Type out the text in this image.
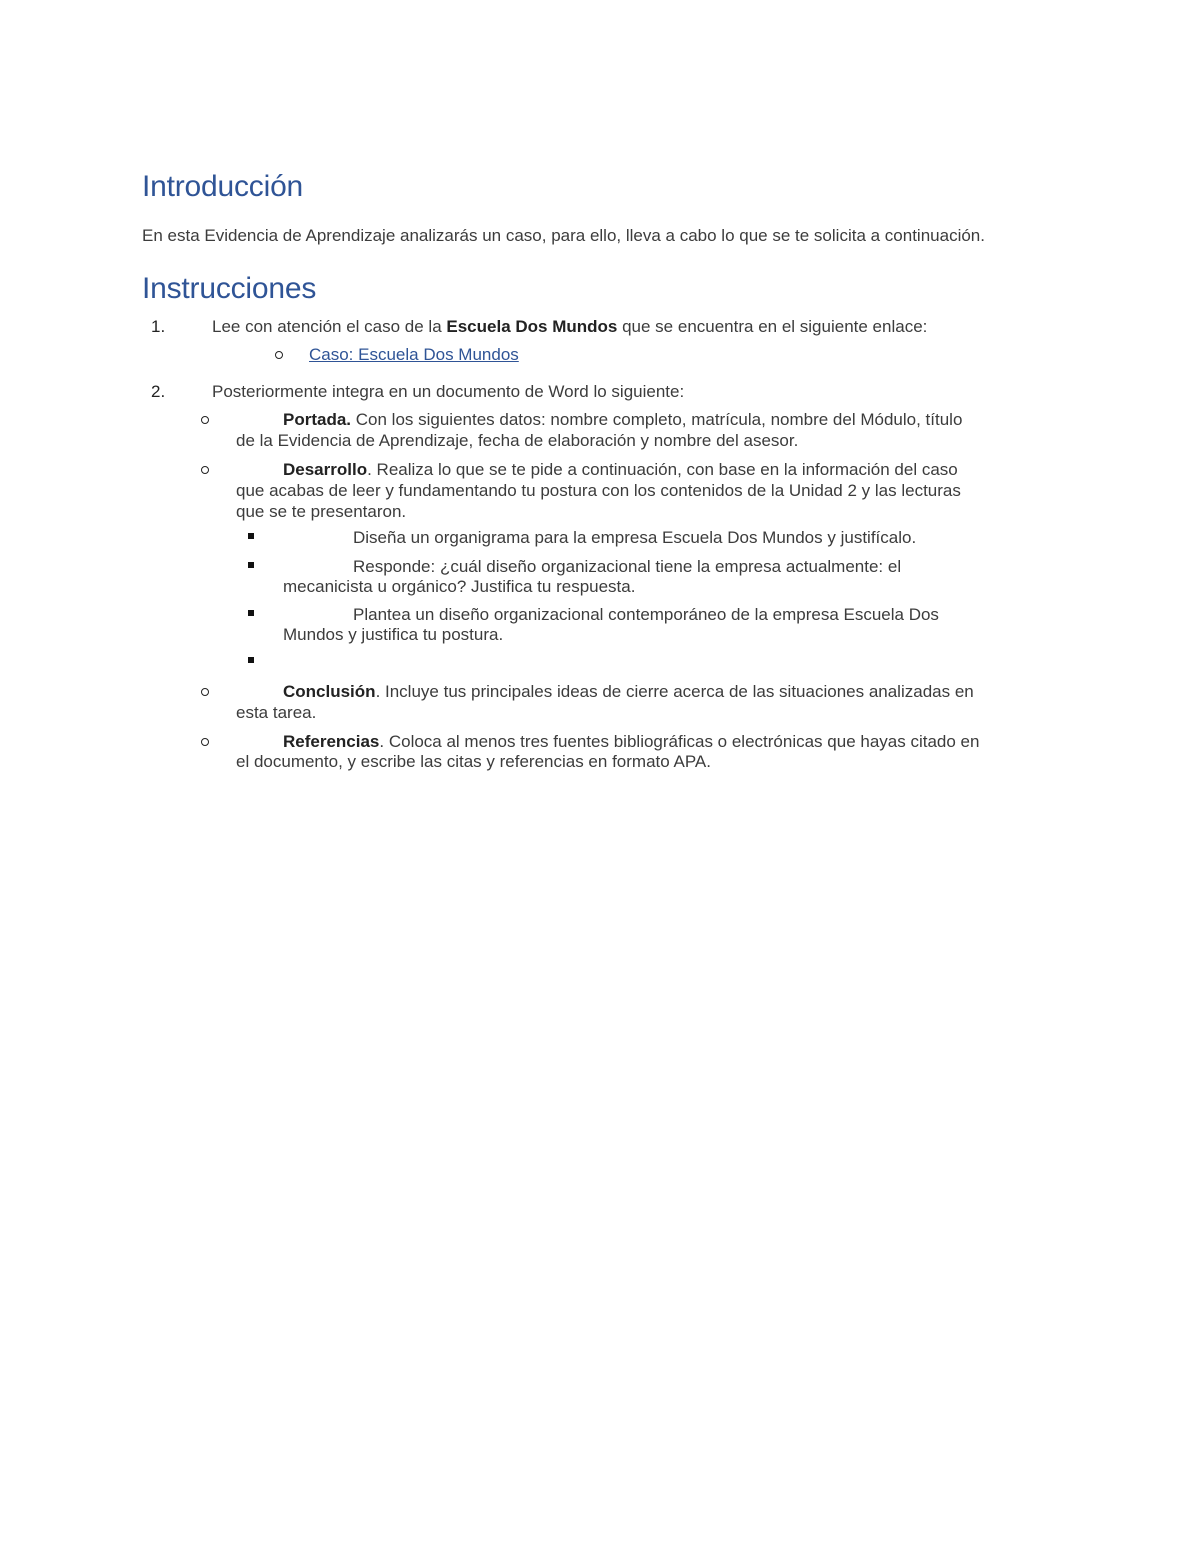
Introducción
En esta Evidencia de Aprendizaje analizarás un caso, para ello, lleva a cabo lo que se te solicita a continuación.
Instrucciones
1.	Lee con atención el caso de la Escuela Dos Mundos que se encuentra en el siguiente enlace:
Caso: Escuela Dos Mundos
2.	Posteriormente integra en un documento de Word lo siguiente:
Portada. Con los siguientes datos: nombre completo, matrícula, nombre del Módulo, título
de la Evidencia de Aprendizaje, fecha de elaboración y nombre del asesor.
Desarrollo. Realiza lo que se te pide a continuación, con base en la información del caso
que acabas de leer y fundamentando tu postura con los contenidos de la Unidad 2 y las lecturas
que se te presentaron.
Diseña un organigrama para la empresa Escuela Dos Mundos y justifícalo.
Responde: ¿cuál diseño organizacional tiene la empresa actualmente: el
mecanicista u orgánico? Justifica tu respuesta.
Plantea un diseño organizacional contemporáneo de la empresa Escuela Dos
Mundos y justifica tu postura.
Conclusión. Incluye tus principales ideas de cierre acerca de las situaciones analizadas en
esta tarea.
Referencias. Coloca al menos tres fuentes bibliográficas o electrónicas que hayas citado en
el documento, y escribe las citas y referencias en formato APA.
